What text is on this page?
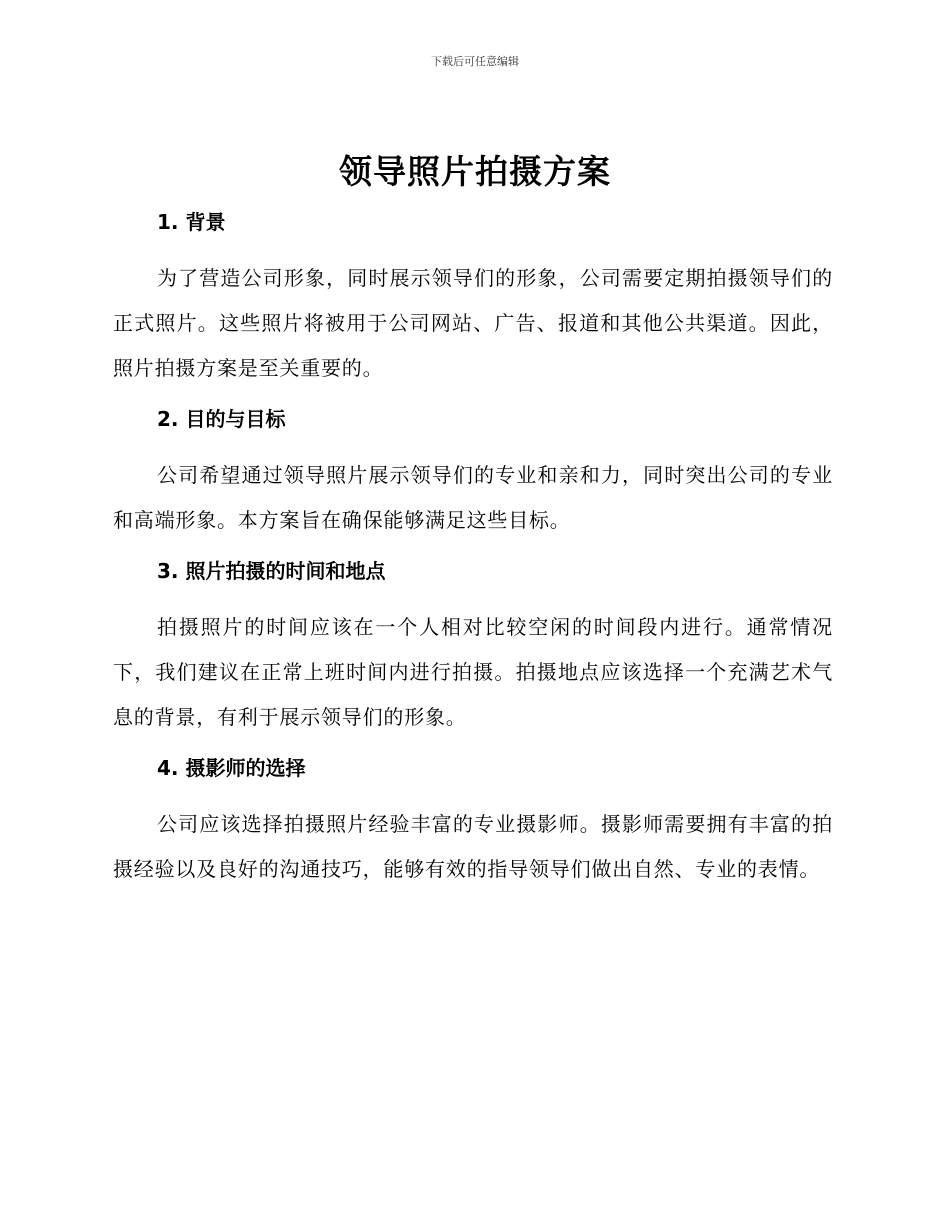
下载后可任意编辑
领导照片拍摄方案
1. 背景

为了营造公司形象，同时展示领导们的形象，公司需要定期拍摄领导们的正式照片。这些照片将被用于公司网站、广告、报道和其他公共渠道。因此，照片拍摄方案是至关重要的。

2. 目的与目标

公司希望通过领导照片展示领导们的专业和亲和力，同时突出公司的专业和高端形象。本方案旨在确保能够满足这些目标。

3. 照片拍摄的时间和地点

拍摄照片的时间应该在一个人相对比较空闲的时间段内进行。通常情况下，我们建议在正常上班时间内进行拍摄。拍摄地点应该选择一个充满艺术气息的背景，有利于展示领导们的形象。

4. 摄影师的选择

公司应该选择拍摄照片经验丰富的专业摄影师。摄影师需要拥有丰富的拍摄经验以及良好的沟通技巧，能够有效的指导领导们做出自然、专业的表情。
